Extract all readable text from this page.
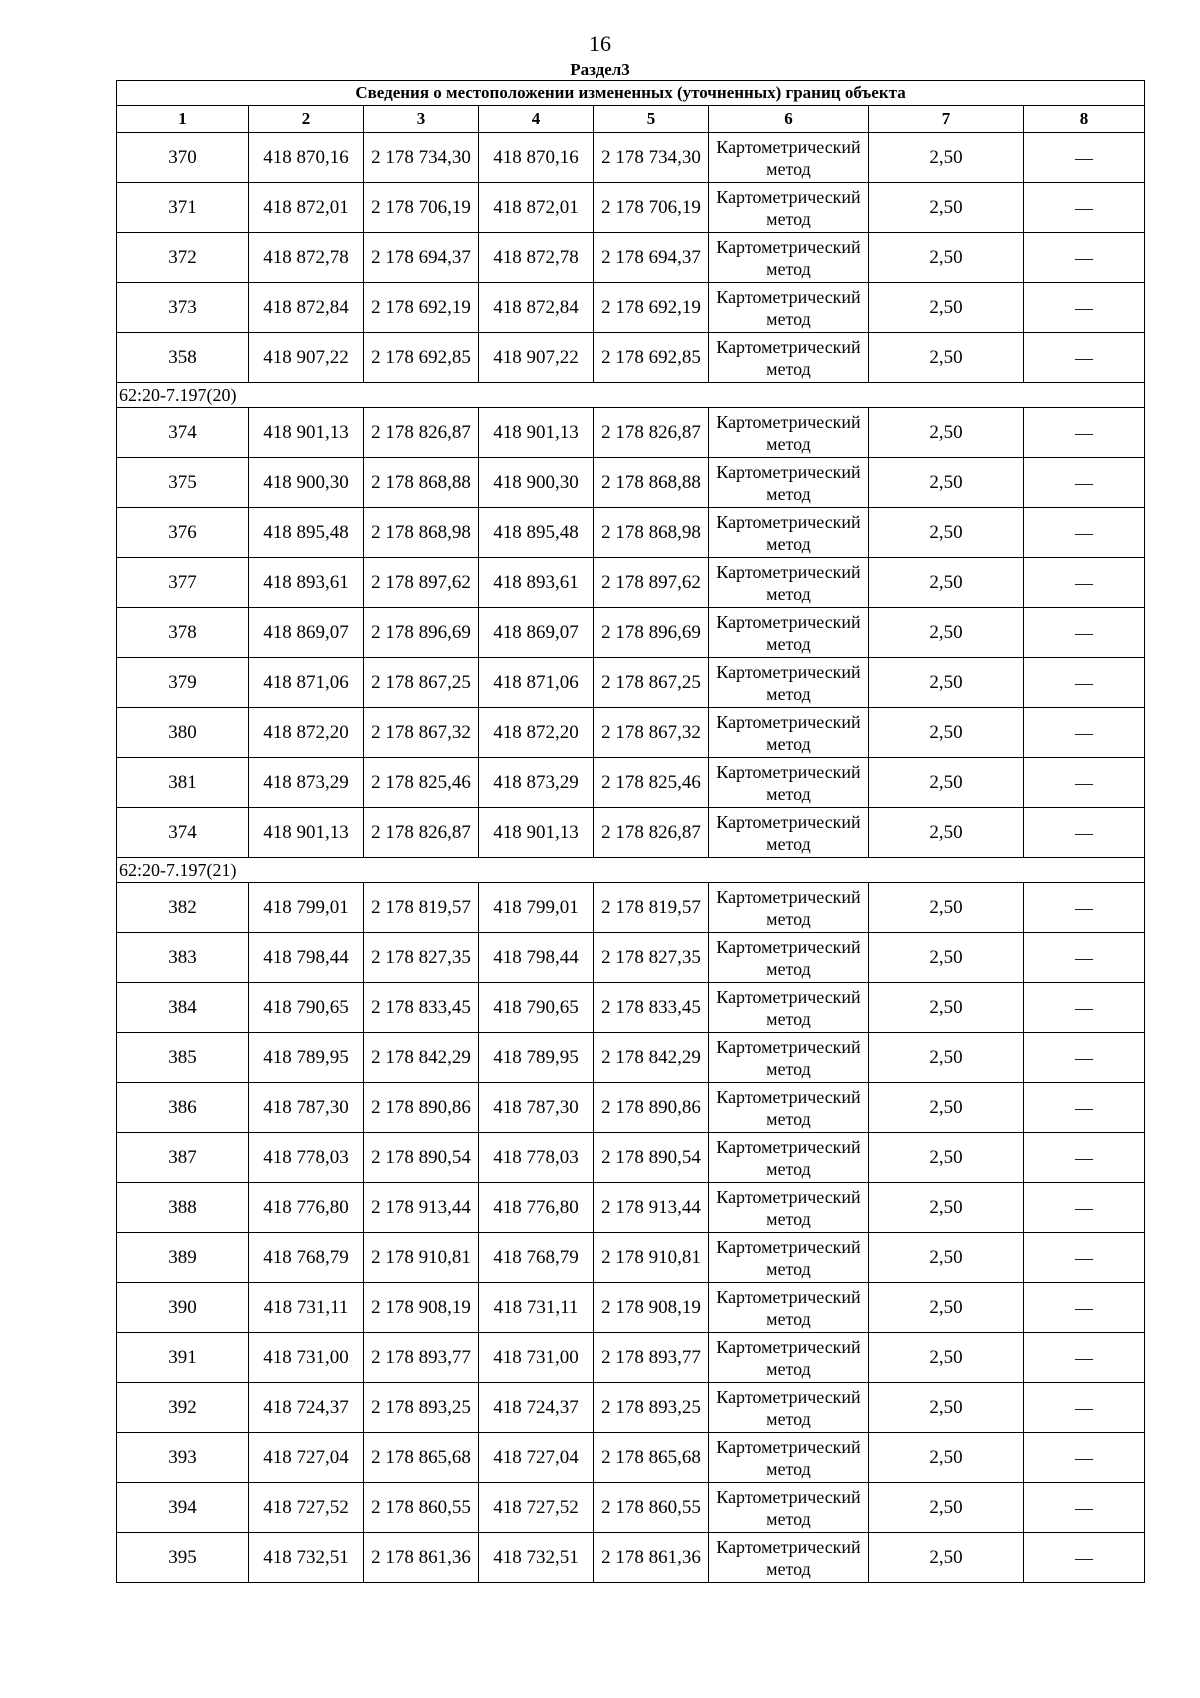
16
Раздел3
Сведения о местоположении измененных (уточненных) границ объекта							
1	2	3	4	5	6	7	8
370	418 870,16	2 178 734,30	418 870,16	2 178 734,30	Картометрический метод	2,50	—
371	418 872,01	2 178 706,19	418 872,01	2 178 706,19	Картометрический метод	2,50	—
372	418 872,78	2 178 694,37	418 872,78	2 178 694,37	Картометрический метод	2,50	—
373	418 872,84	2 178 692,19	418 872,84	2 178 692,19	Картометрический метод	2,50	—
358	418 907,22	2 178 692,85	418 907,22	2 178 692,85	Картометрический метод	2,50	—
62:20-7.197(20)							
374	418 901,13	2 178 826,87	418 901,13	2 178 826,87	Картометрический метод	2,50	—
375	418 900,30	2 178 868,88	418 900,30	2 178 868,88	Картометрический метод	2,50	—
376	418 895,48	2 178 868,98	418 895,48	2 178 868,98	Картометрический метод	2,50	—
377	418 893,61	2 178 897,62	418 893,61	2 178 897,62	Картометрический метод	2,50	—
378	418 869,07	2 178 896,69	418 869,07	2 178 896,69	Картометрический метод	2,50	—
379	418 871,06	2 178 867,25	418 871,06	2 178 867,25	Картометрический метод	2,50	—
380	418 872,20	2 178 867,32	418 872,20	2 178 867,32	Картометрический метод	2,50	—
381	418 873,29	2 178 825,46	418 873,29	2 178 825,46	Картометрический метод	2,50	—
374	418 901,13	2 178 826,87	418 901,13	2 178 826,87	Картометрический метод	2,50	—
62:20-7.197(21)							
382	418 799,01	2 178 819,57	418 799,01	2 178 819,57	Картометрический метод	2,50	—
383	418 798,44	2 178 827,35	418 798,44	2 178 827,35	Картометрический метод	2,50	—
384	418 790,65	2 178 833,45	418 790,65	2 178 833,45	Картометрический метод	2,50	—
385	418 789,95	2 178 842,29	418 789,95	2 178 842,29	Картометрический метод	2,50	—
386	418 787,30	2 178 890,86	418 787,30	2 178 890,86	Картометрический метод	2,50	—
387	418 778,03	2 178 890,54	418 778,03	2 178 890,54	Картометрический метод	2,50	—
388	418 776,80	2 178 913,44	418 776,80	2 178 913,44	Картометрический метод	2,50	—
389	418 768,79	2 178 910,81	418 768,79	2 178 910,81	Картометрический метод	2,50	—
390	418 731,11	2 178 908,19	418 731,11	2 178 908,19	Картометрический метод	2,50	—
391	418 731,00	2 178 893,77	418 731,00	2 178 893,77	Картометрический метод	2,50	—
392	418 724,37	2 178 893,25	418 724,37	2 178 893,25	Картометрический метод	2,50	—
393	418 727,04	2 178 865,68	418 727,04	2 178 865,68	Картометрический метод	2,50	—
394	418 727,52	2 178 860,55	418 727,52	2 178 860,55	Картометрический метод	2,50	—
395	418 732,51	2 178 861,36	418 732,51	2 178 861,36	Картометрический метод	2,50	—
